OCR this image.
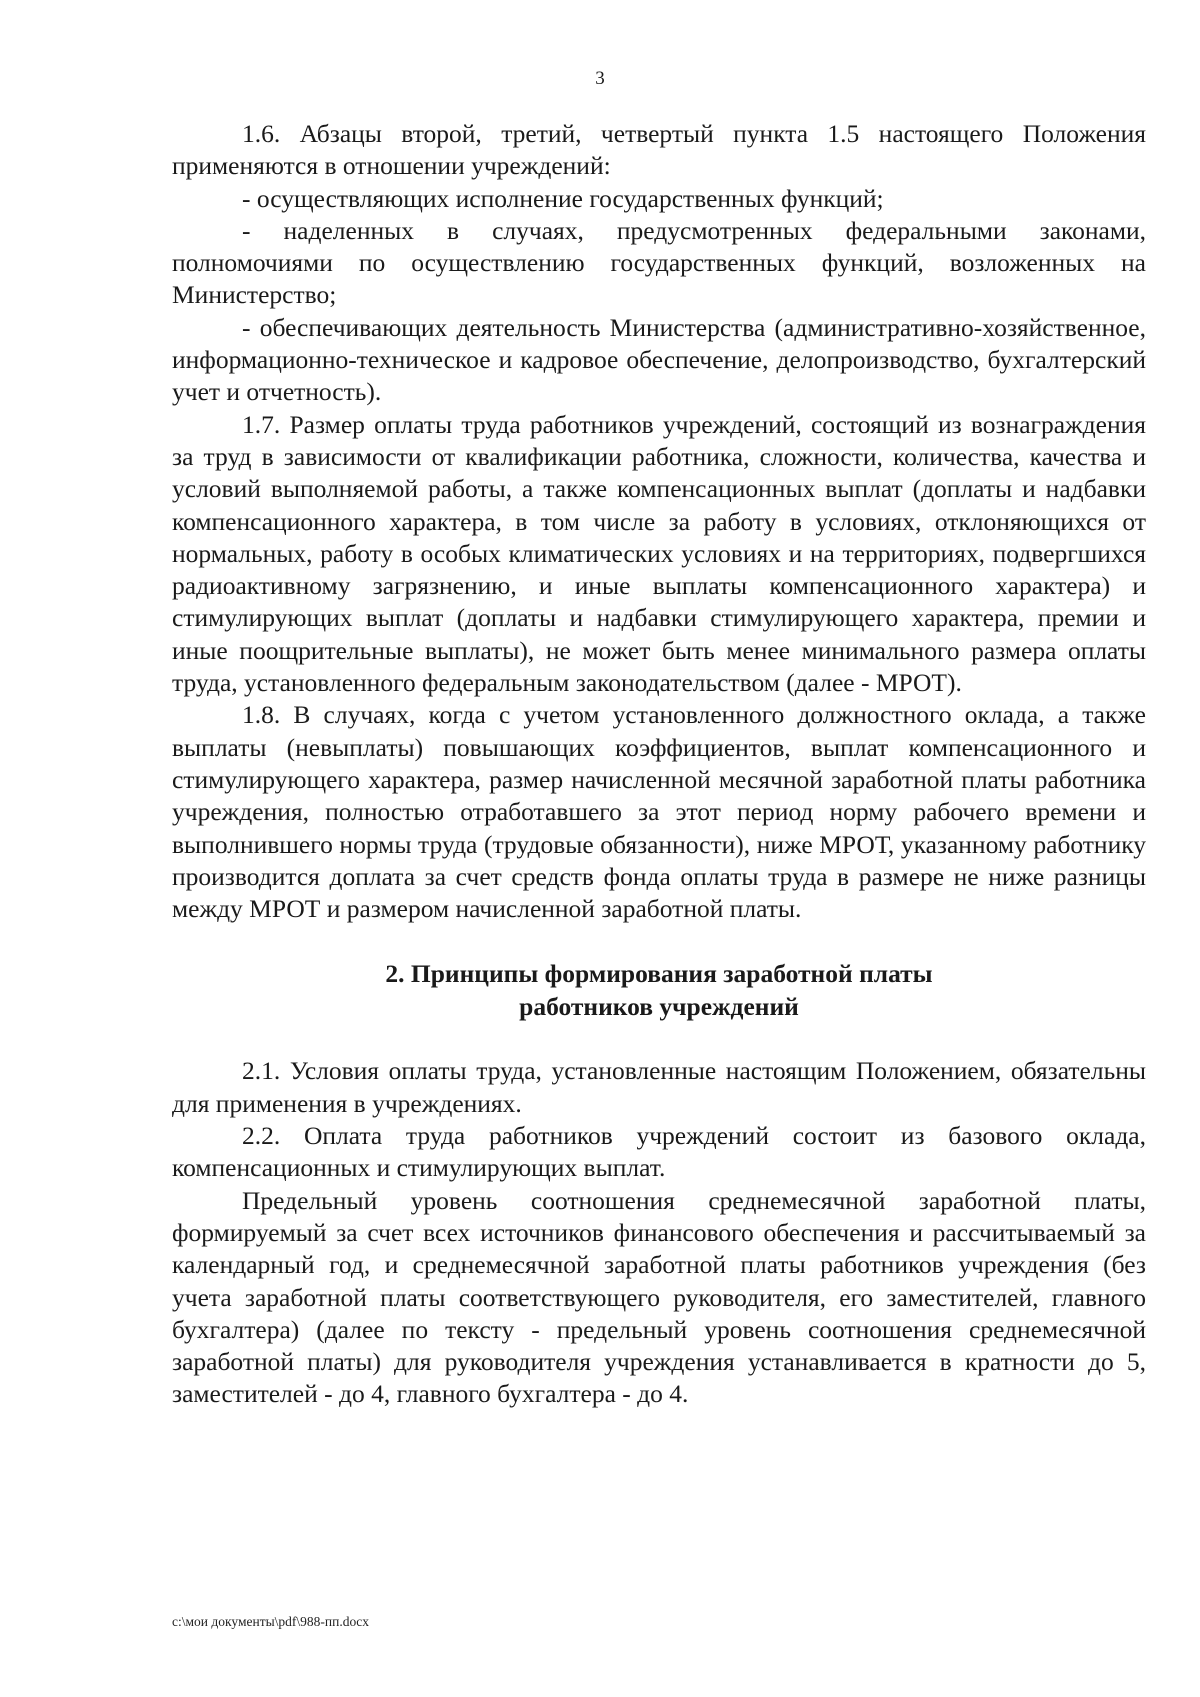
3

1.6. Абзацы второй, третий, четвертый пункта 1.5 настоящего Положения применяются в отношении учреждений:

- осуществляющих исполнение государственных функций;

- наделенных в случаях, предусмотренных федеральными законами, полномочиями по осуществлению государственных функций, возложенных на Министерство;

- обеспечивающих деятельность Министерства (административно-хозяйственное, информационно-техническое и кадровое обеспечение, делопроизводство, бухгалтерский учет и отчетность).

1.7. Размер оплаты труда работников учреждений, состоящий из вознаграждения за труд в зависимости от квалификации работника, сложности, количества, качества и условий выполняемой работы, а также компенсационных выплат (доплаты и надбавки компенсационного характера, в том числе за работу в условиях, отклоняющихся от нормальных, работу в особых климатических условиях и на территориях, подвергшихся радиоактивному загрязнению, и иные выплаты компенсационного характера) и стимулирующих выплат (доплаты и надбавки стимулирующего характера, премии и иные поощрительные выплаты), не может быть менее минимального размера оплаты труда, установленного федеральным законодательством (далее - МРОТ).

1.8. В случаях, когда с учетом установленного должностного оклада, а также выплаты (невыплаты) повышающих коэффициентов, выплат компенсационного и стимулирующего характера, размер начисленной месячной заработной платы работника учреждения, полностью отработавшего за этот период норму рабочего времени и выполнившего нормы труда (трудовые обязанности), ниже МРОТ, указанному работнику производится доплата за счет средств фонда оплаты труда в размере не ниже разницы между МРОТ и размером начисленной заработной платы.

2. Принципы формирования заработной платы
работников учреждений

2.1. Условия оплаты труда, установленные настоящим Положением, обязательны для применения в учреждениях.

2.2. Оплата труда работников учреждений состоит из базового оклада, компенсационных и стимулирующих выплат.

Предельный уровень соотношения среднемесячной заработной платы, формируемый за счет всех источников финансового обеспечения и рассчитываемый за календарный год, и среднемесячной заработной платы работников учреждения (без учета заработной платы соответствующего руководителя, его заместителей, главного бухгалтера) (далее по тексту - предельный уровень соотношения среднемесячной заработной платы) для руководителя учреждения устанавливается в кратности до 5, заместителей - до 4, главного бухгалтера - до 4.

c:\мои документы\pdf\988-пп.docx
